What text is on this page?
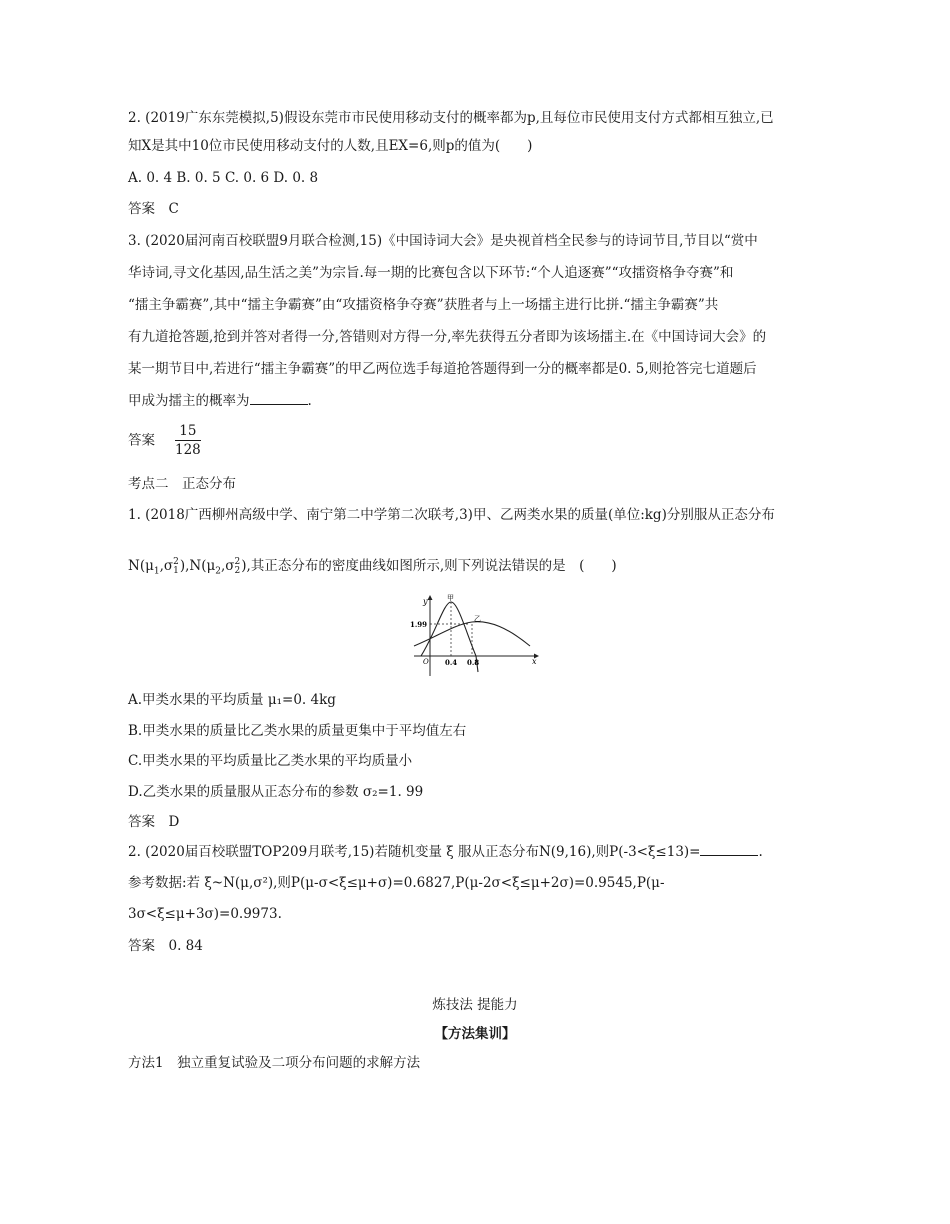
2. (2019广东东莞模拟,5)假设东莞市市民使用移动支付的概率都为p,且每位市民使用支付方式都相互独立,已
知X是其中10位市民使用移动支付的人数,且EX=6,则p的值为(　　)
A. 0. 4 B. 0. 5 C. 0. 6 D. 0. 8
答案　 C
3. (2020届河南百校联盟9月联合检测,15)《中国诗词大会》是央视首档全民参与的诗词节目,节目以“赏中
华诗词,寻文化基因,品生活之美”为宗旨.每一期的比赛包含以下环节:“个人追逐赛”“攻擂资格争夺赛”和
“擂主争霸赛”,其中“擂主争霸赛”由“攻擂资格争夺赛”获胜者与上一场擂主进行比拼.“擂主争霸赛”共
有九道抢答题,抢到并答对者得一分,答错则对方得一分,率先获得五分者即为该场擂主.在《中国诗词大会》的
某一期节目中,若进行“擂主争霸赛”的甲乙两位选手每道抢答题得到一分的概率都是0. 5,则抢答完七道题后
甲成为擂主的概率为	.
答案 $\frac{15}{128}$
考点二　正态分布
1. (2018广西柳州高级中学、南宁第二中学第二次联考,3)甲、乙两类水果的质量(单位:kg)分别服从正态分布
$N(\mu_1,\sigma$ 2
1 )$,N(\mu_2,\sigma$ 2
2 ),其正态分布的密度曲线如图所示,则下列说法错误的是　(　　)
y
x
O
甲
乙
1.99
0.4 0.8
A.甲类水果的平均质量 μ₁=0. 4kg
B.甲类水果的质量比乙类水果的质量更集中于平均值左右
C.甲类水果的平均质量比乙类水果的平均质量小
D.乙类水果的质量服从正态分布的参数 σ₂=1. 99
答案　 D
2. (2020届百校联盟TOP209月联考,15)若随机变量 ξ 服从正态分布N(9,16),则P(-3<ξ≤13)=	.
参考数据:若 ξ~N(μ,σ²),则P(μ-σ<ξ≤μ+σ)=0.6827,P(μ-2σ<ξ≤μ+2σ)=0.9545,P(μ-
3σ<ξ≤μ+3σ)=0.9973.
答案　 0. 84
炼技法 提能力
【方法集训】
方法1　独立重复试验及二项分布问题的求解方法
